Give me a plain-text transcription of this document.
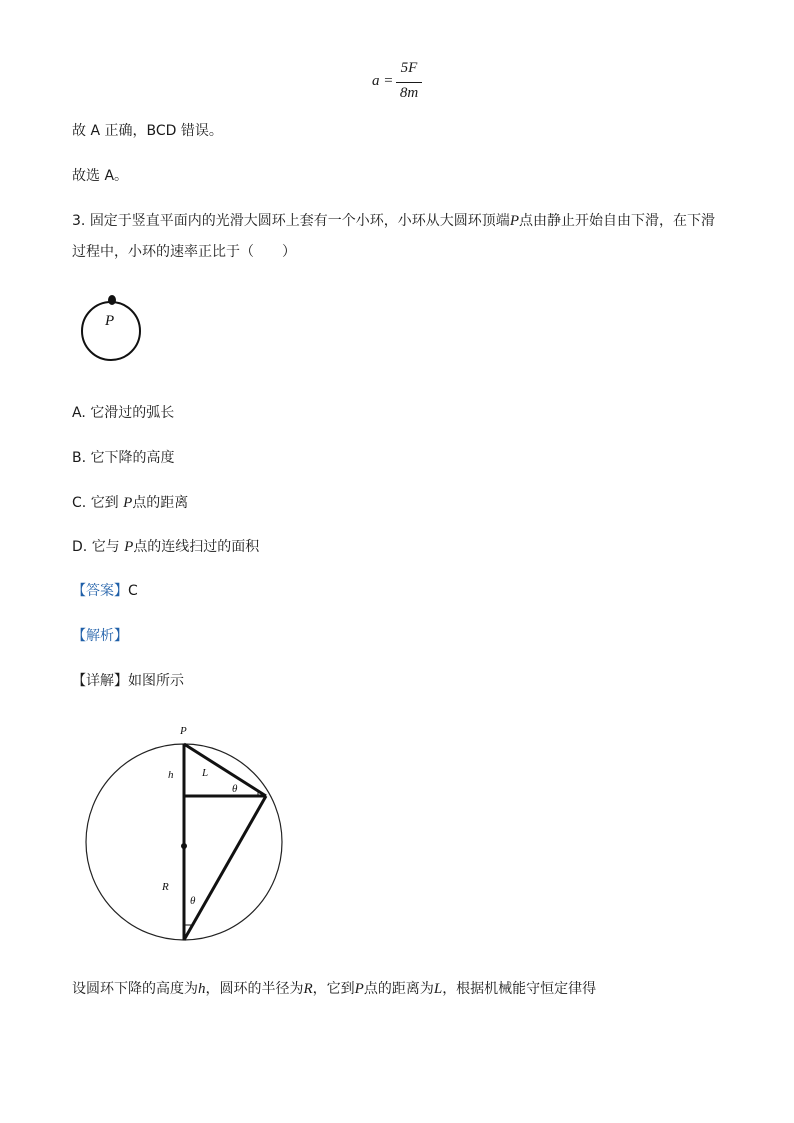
a =
5F
8m
故 A 正确，BCD 错误。
故选 A。
3. 固定于竖直平面内的光滑大圆环上套有一个小环，小环从大圆环顶端P点由静止开始自由下滑，在下滑
过程中，小环的速率正比于（　　）
P
A. 它滑过的弧长
B. 它下降的高度
C. 它到 P点的距离
D. 它与 P点的连线扫过的面积
【答案】C
【解析】
【详解】如图所示
P
h	L
θ
R
θ
设圆环下降的高度为h，圆环的半径为R，它到P点的距离为L，根据机械能守恒定律得
